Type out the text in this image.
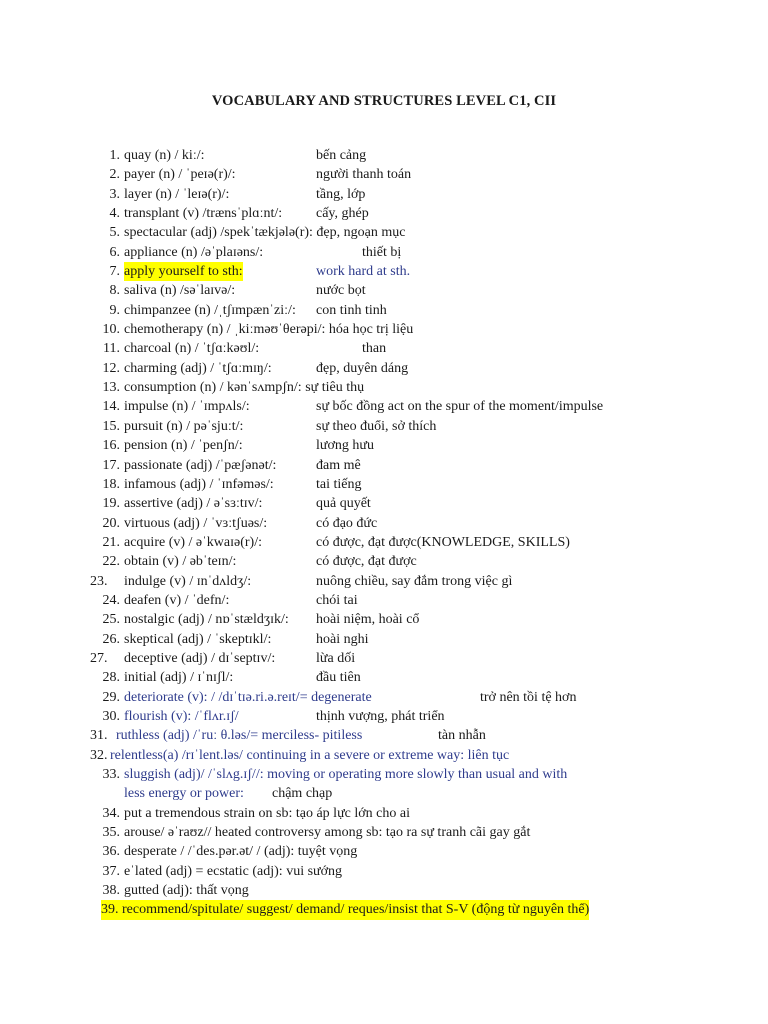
VOCABULARY AND STRUCTURES LEVEL C1, CII
1. quay (n) / kiː/:	bến cảng
2. payer (n) / ˈpeɪə(r)/:	người thanh toán
3. layer (n) / ˈleɪə(r)/:	tầng, lớp
4. transplant (v) /trænsˈplɑːnt/: cấy, ghép
5. spectacular (adj) /spekˈtækjələ(r): đẹp, ngoạn mục
6. appliance (n) /əˈplaɪəns/:	thiết bị
7. apply yourself to sth:	work hard at sth.
8. saliva (n) /səˈlaɪvə/:	nước bọt
9. chimpanzee (n) /ˌtʃɪmpænˈziː/: con tinh tinh
10. chemotherapy (n) / ˌkiːməʊˈθerəpi/: hóa học trị liệu
11. charcoal (n) / ˈtʃɑːkəʊl/:	than
12. charming (adj) / ˈtʃɑːmɪŋ/:	đẹp, duyên dáng
13. consumption (n) / kənˈsʌmpʃn/: sự tiêu thụ
14. impulse (n) / ˈɪmpʌls/:	sự bốc đồng act on the spur of the moment/impulse
15. pursuit (n) / pəˈsjuːt/:	sự theo đuổi, sở thích
16. pension (n) / ˈpenʃn/:	lương hưu
17. passionate (adj) /ˈpæʃənət/:	đam mê
18. infamous (adj) / ˈɪnfəməs/:	tai tiếng
19. assertive (adj) / əˈsɜːtɪv/:	quả quyết
20. virtuous (adj) / ˈvɜːtʃuəs/:	có đạo đức
21. acquire (v) / əˈkwaɪə(r)/:	có được, đạt được(KNOWLEDGE, SKILLS)
22. obtain (v) / əbˈteɪn/:	có được, đạt được
23. indulge (v) / ɪnˈdʌldʒ/:	nuông chiều, say đắm trong việc gì
24. deafen (v) / ˈdefn/:	chói tai
25. nostalgic (adj) / nɒˈstældʒɪk/: hoài niệm, hoài cổ
26. skeptical (adj) / ˈskeptɪkl/:	hoài nghi
27. deceptive (adj) / dɪˈseptɪv/:	lừa dối
28. initial (adj) / ɪˈnɪʃl/:	đầu tiên
29. deteriorate (v): / /dɪˈtɪə.ri.ə.reɪt/= degenerate	trở nên tồi tệ hơn
30. flourish (v): /ˈflʌr.ɪʃ/	thịnh vượng, phát triển
31. ruthless (adj) /ˈruː θ.ləs/= merciless- pitiless	tàn nhẫn
32. relentless(a) /rɪˈlent.ləs/ continuing in a severe or extreme way: liên tục
33. sluggish (adj)/ /ˈslʌg.ɪʃ//: moving or operating more slowly than usual and with
less energy or power: chậm chạp
34. put a tremendous strain on sb: tạo áp lực lớn cho ai
35. arouse/ əˈraʊz// heated controversy among sb: tạo ra sự tranh cãi gay gắt
36. desperate / /ˈdes.pər.ət/ / (adj): tuyệt vọng
37. eˈlated (adj) = ecstatic (adj): vui sướng
38. gutted (adj): thất vọng
39. recommend/spitulate/ suggest/ demand/ reques/insist that S-V (động từ nguyên thể)
